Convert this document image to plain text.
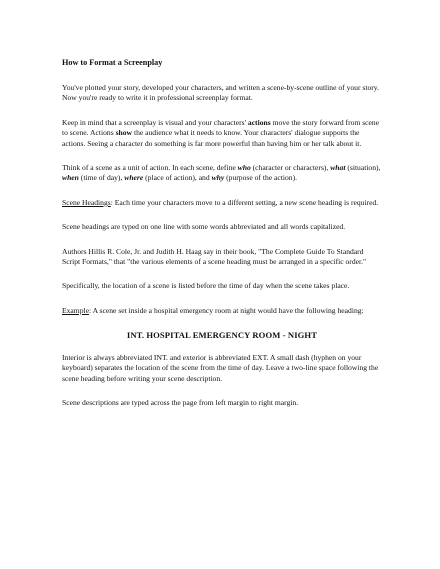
How to Format a Screenplay

You've plotted your story, developed your characters, and written a scene-by-scene outline of your story. Now you're ready to write it in professional screenplay format.

Keep in mind that a screenplay is visual and your characters' actions move the story forward from scene to scene. Actions show the audience what it needs to know. Your characters' dialogue supports the actions. Seeing a character do something is far more powerful than having him or her talk about it.

Think of a scene as a unit of action. In each scene, define who (character or characters), what (situation), when (time of day), where (place of action), and why (purpose of the action).

Scene Headings: Each time your characters move to a different setting, a new scene heading is required.

Scene headings are typed on one line with some words abbreviated and all words capitalized.

Authors Hillis R. Cole, Jr. and Judith H. Haag say in their book, "The Complete Guide To Standard Script Formats," that "the various elements of a scene heading must be arranged in a specific order."

Specifically, the location of a scene is listed before the time of day when the scene takes place.

Example: A scene set inside a hospital emergency room at night would have the following heading:

INT. HOSPITAL EMERGENCY ROOM - NIGHT

Interior is always abbreviated INT. and exterior is abbreviated EXT. A small dash (hyphen on your keyboard) separates the location of the scene from the time of day. Leave a two-line space following the scene heading before writing your scene description.

Scene descriptions are typed across the page from left margin to right margin.
